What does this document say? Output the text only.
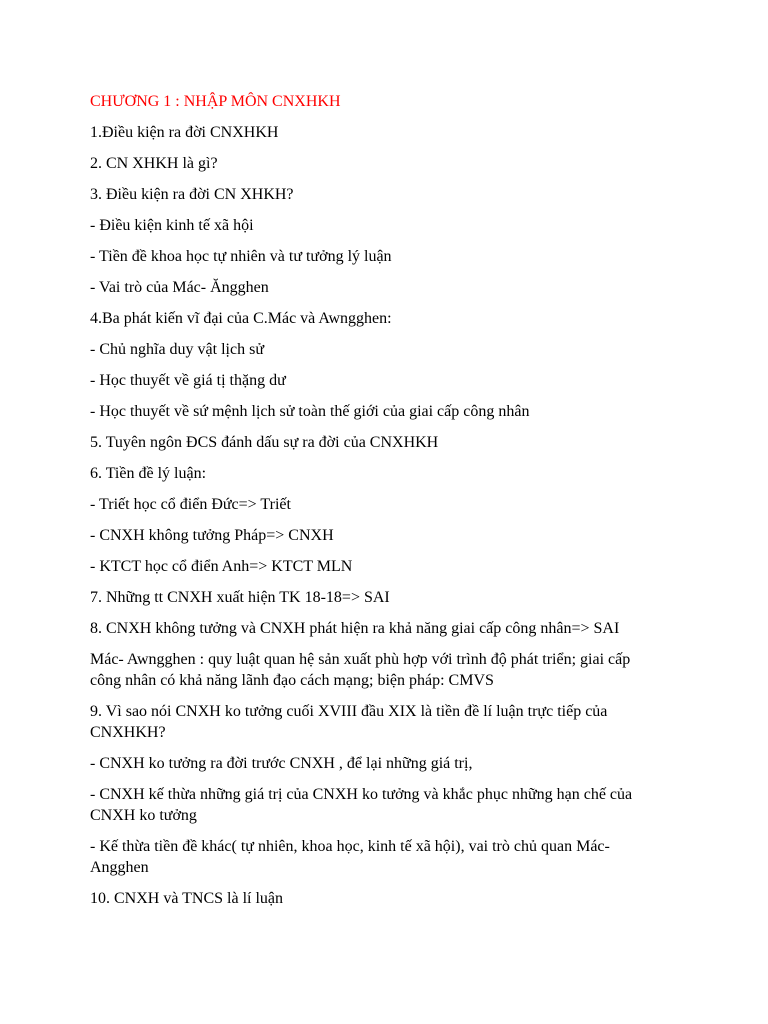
CHƯƠNG 1 : NHẬP MÔN CNXHKH

1.Điều kiện ra đời CNXHKH

2. CN XHKH là gì?

3. Điều kiện ra đời CN XHKH?

- Điều kiện kinh tế xã hội

- Tiền đề khoa học tự nhiên và tư tưởng lý luận

- Vai trò của Mác- Ăngghen

4.Ba phát kiến vĩ đại của C.Mác và Awngghen:

- Chủ nghĩa duy vật lịch sử

- Học thuyết về giá tị thặng dư

- Học thuyết về sứ mệnh lịch sử toàn thế giới của giai cấp công nhân

5. Tuyên ngôn ĐCS đánh dấu sự ra đời của CNXHKH

6. Tiền đề lý luận:

- Triết học cổ điển Đức=> Triết

- CNXH không tưởng Pháp=> CNXH

- KTCT học cổ điển Anh=> KTCT MLN

7. Những tt CNXH xuất hiện TK 18-18=> SAI

8. CNXH không tưởng và CNXH phát hiện ra khả năng giai cấp công nhân=> SAI

Mác- Awngghen : quy luật quan hệ sản xuất phù hợp với trình độ phát triển; giai cấp công nhân có khả năng lãnh đạo cách mạng; biện pháp: CMVS

9. Vì sao nói CNXH ko tưởng cuối XVIII đầu XIX là tiền đề lí luận trực tiếp của CNXHKH?

- CNXH ko tưởng ra đời trước CNXH , để lại những giá trị,

- CNXH kế thừa những giá trị của CNXH ko tưởng và khắc phục những hạn chế của CNXH ko tưởng

- Kế thừa tiền đề khác( tự nhiên, khoa học, kinh tế xã hội), vai trò chủ quan Mác-Angghen

10. CNXH và TNCS là lí luận
